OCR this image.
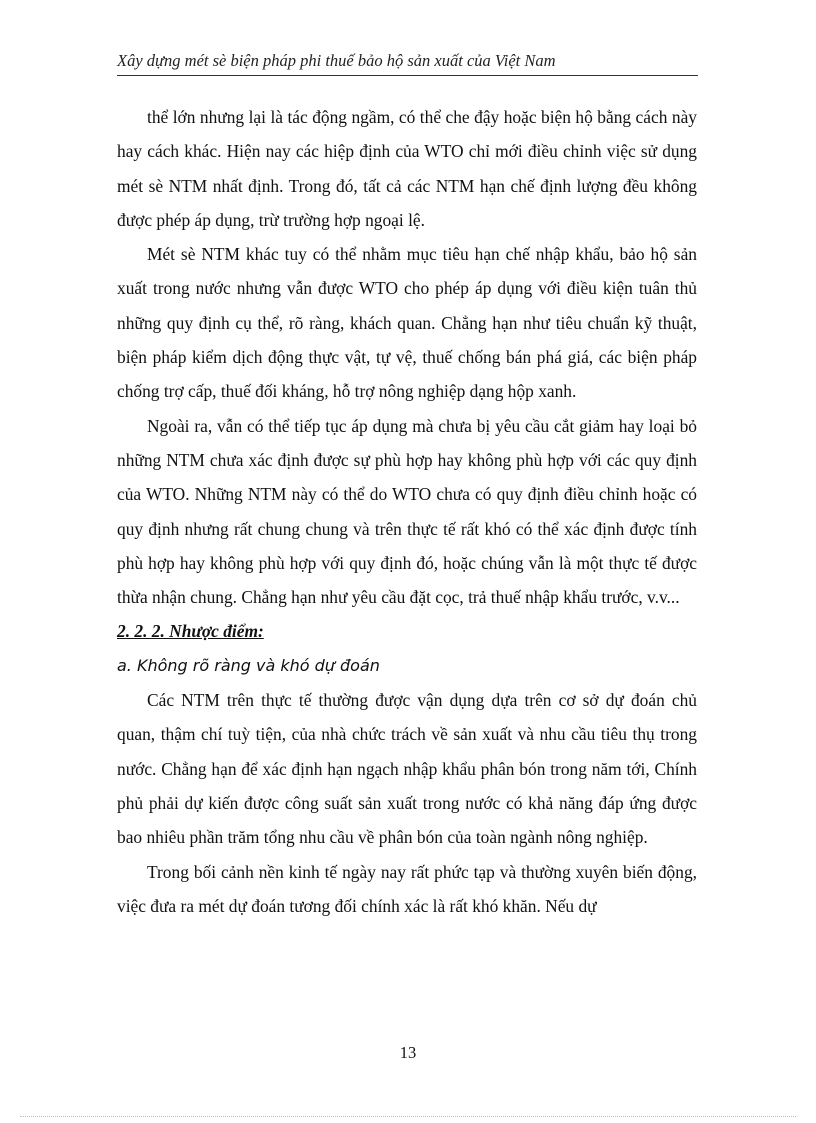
Xây dựng mét sè biện pháp phi thuế bảo hộ sản xuất của Việt Nam

thể lớn nhưng lại là tác động ngầm, có thể che đậy hoặc biện hộ bằng cách này hay cách khác. Hiện nay các hiệp định của WTO chỉ mới điều chỉnh việc sử dụng mét sè NTM nhất định. Trong đó, tất cả các NTM hạn chế định lượng đều không được phép áp dụng, trừ trường hợp ngoại lệ.

Mét sè NTM khác tuy có thể nhằm mục tiêu hạn chế nhập khẩu, bảo hộ sản xuất trong nước nhưng vẫn được WTO cho phép áp dụng với điều kiện tuân thủ những quy định cụ thể, rõ ràng, khách quan. Chẳng hạn như tiêu chuẩn kỹ thuật, biện pháp kiểm dịch động thực vật, tự vệ, thuế chống bán phá giá, các biện pháp chống trợ cấp, thuế đối kháng, hỗ trợ nông nghiệp dạng hộp xanh.

Ngoài ra, vẫn có thể tiếp tục áp dụng mà chưa bị yêu cầu cắt giảm hay loại bỏ những NTM chưa xác định được sự phù hợp hay không phù hợp với các quy định của WTO. Những NTM này có thể do WTO chưa có quy định điều chỉnh hoặc có quy định nhưng rất chung chung và trên thực tế rất khó có thể xác định được tính phù hợp hay không phù hợp với quy định đó, hoặc chúng vẫn là một thực tế được thừa nhận chung. Chẳng hạn như yêu cầu đặt cọc, trả thuế nhập khẩu trước, v.v...

2. 2. 2. Nhược điểm:

a. Không rõ ràng và khó dự đoán

Các NTM trên thực tế thường được vận dụng dựa trên cơ sở dự đoán chủ quan, thậm chí tuỳ tiện, của nhà chức trách về sản xuất và nhu cầu tiêu thụ trong nước. Chẳng hạn để xác định hạn ngạch nhập khẩu phân bón trong năm tới, Chính phủ phải dự kiến được công suất sản xuất trong nước có khả năng đáp ứng được bao nhiêu phần trăm tổng nhu cầu về phân bón của toàn ngành nông nghiệp.

Trong bối cảnh nền kinh tế ngày nay rất phức tạp và thường xuyên biến động, việc đưa ra mét dự đoán tương đối chính xác là rất khó khăn. Nếu dự

13
